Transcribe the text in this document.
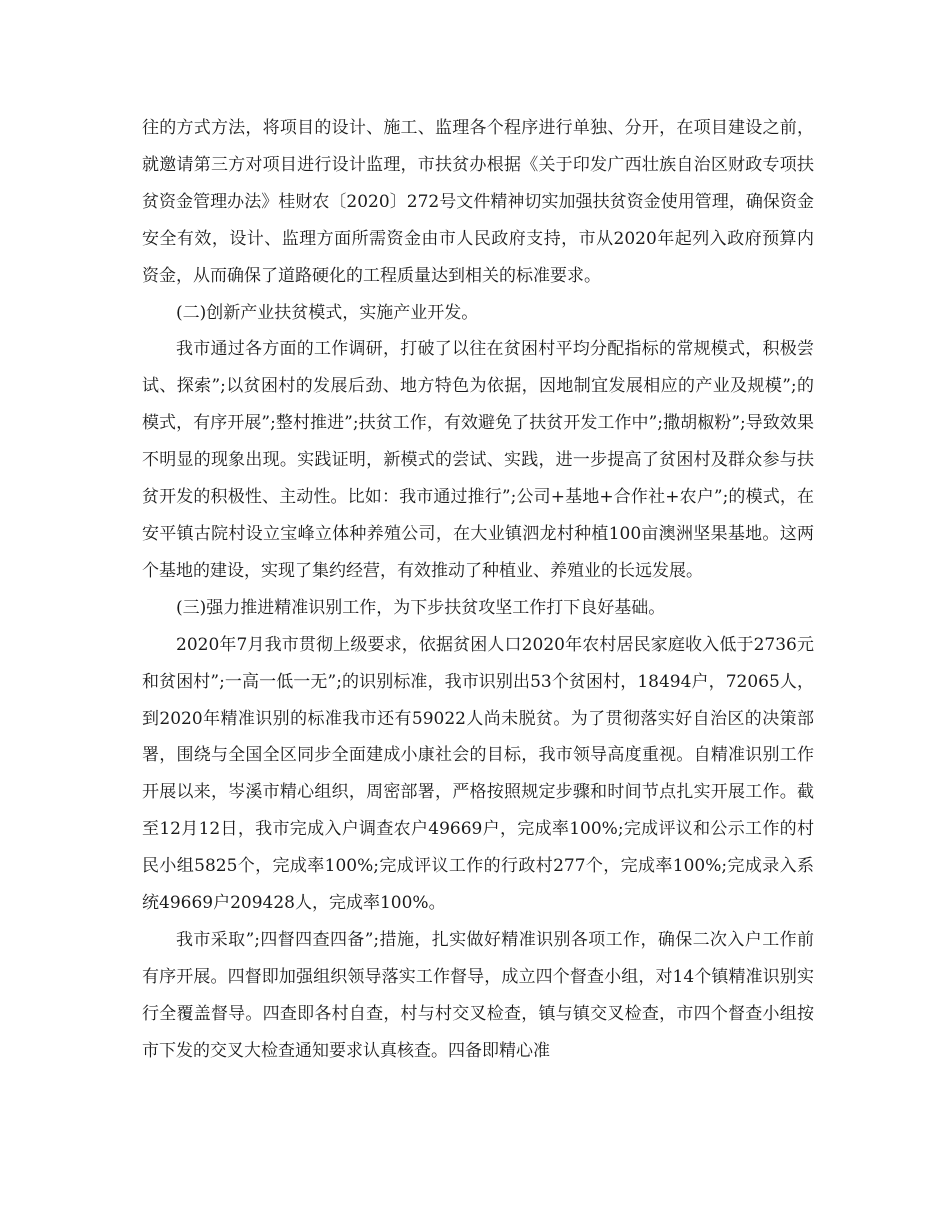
往的方式方法，将项目的设计、施工、监理各个程序进行单独、分开，在项目建设之前，就邀请第三方对项目进行设计监理，市扶贫办根据《关于印发广西壮族自治区财政专项扶贫资金管理办法》桂财农〔2020〕272号文件精神切实加强扶贫资金使用管理，确保资金安全有效，设计、监理方面所需资金由市人民政府支持，市从2020年起列入政府预算内资金，从而确保了道路硬化的工程质量达到相关的标准要求。

(二)创新产业扶贫模式，实施产业开发。

我市通过各方面的工作调研，打破了以往在贫困村平均分配指标的常规模式，积极尝试、探索”;以贫困村的发展后劲、地方特色为依据，因地制宜发展相应的产业及规模”;的模式，有序开展”;整村推进”;扶贫工作，有效避免了扶贫开发工作中”;撒胡椒粉”;导致效果不明显的现象出现。实践证明，新模式的尝试、实践，进一步提高了贫困村及群众参与扶贫开发的积极性、主动性。比如：我市通过推行”;公司+基地+合作社+农户”;的模式，在安平镇古院村设立宝峰立体种养殖公司，在大业镇泗龙村种植100亩澳洲坚果基地。这两个基地的建设，实现了集约经营，有效推动了种植业、养殖业的长远发展。

(三)强力推进精准识别工作，为下步扶贫攻坚工作打下良好基础。

2020年7月我市贯彻上级要求，依据贫困人口2020年农村居民家庭收入低于2736元和贫困村”;一高一低一无”;的识别标准，我市识别出53个贫困村，18494户，72065人，到2020年精准识别的标准我市还有59022人尚未脱贫。为了贯彻落实好自治区的决策部署，围绕与全国全区同步全面建成小康社会的目标，我市领导高度重视。自精准识别工作开展以来，岑溪市精心组织，周密部署，严格按照规定步骤和时间节点扎实开展工作。截至12月12日，我市完成入户调查农户49669户，完成率100%;完成评议和公示工作的村民小组5825个，完成率100%;完成评议工作的行政村277个，完成率100%;完成录入系统49669户209428人，完成率100%。

我市采取”;四督四查四备”;措施，扎实做好精准识别各项工作，确保二次入户工作前有序开展。四督即加强组织领导落实工作督导，成立四个督查小组，对14个镇精准识别实行全覆盖督导。四查即各村自查，村与村交叉检查，镇与镇交叉检查，市四个督查小组按市下发的交叉大检查通知要求认真核查。四备即精心准
